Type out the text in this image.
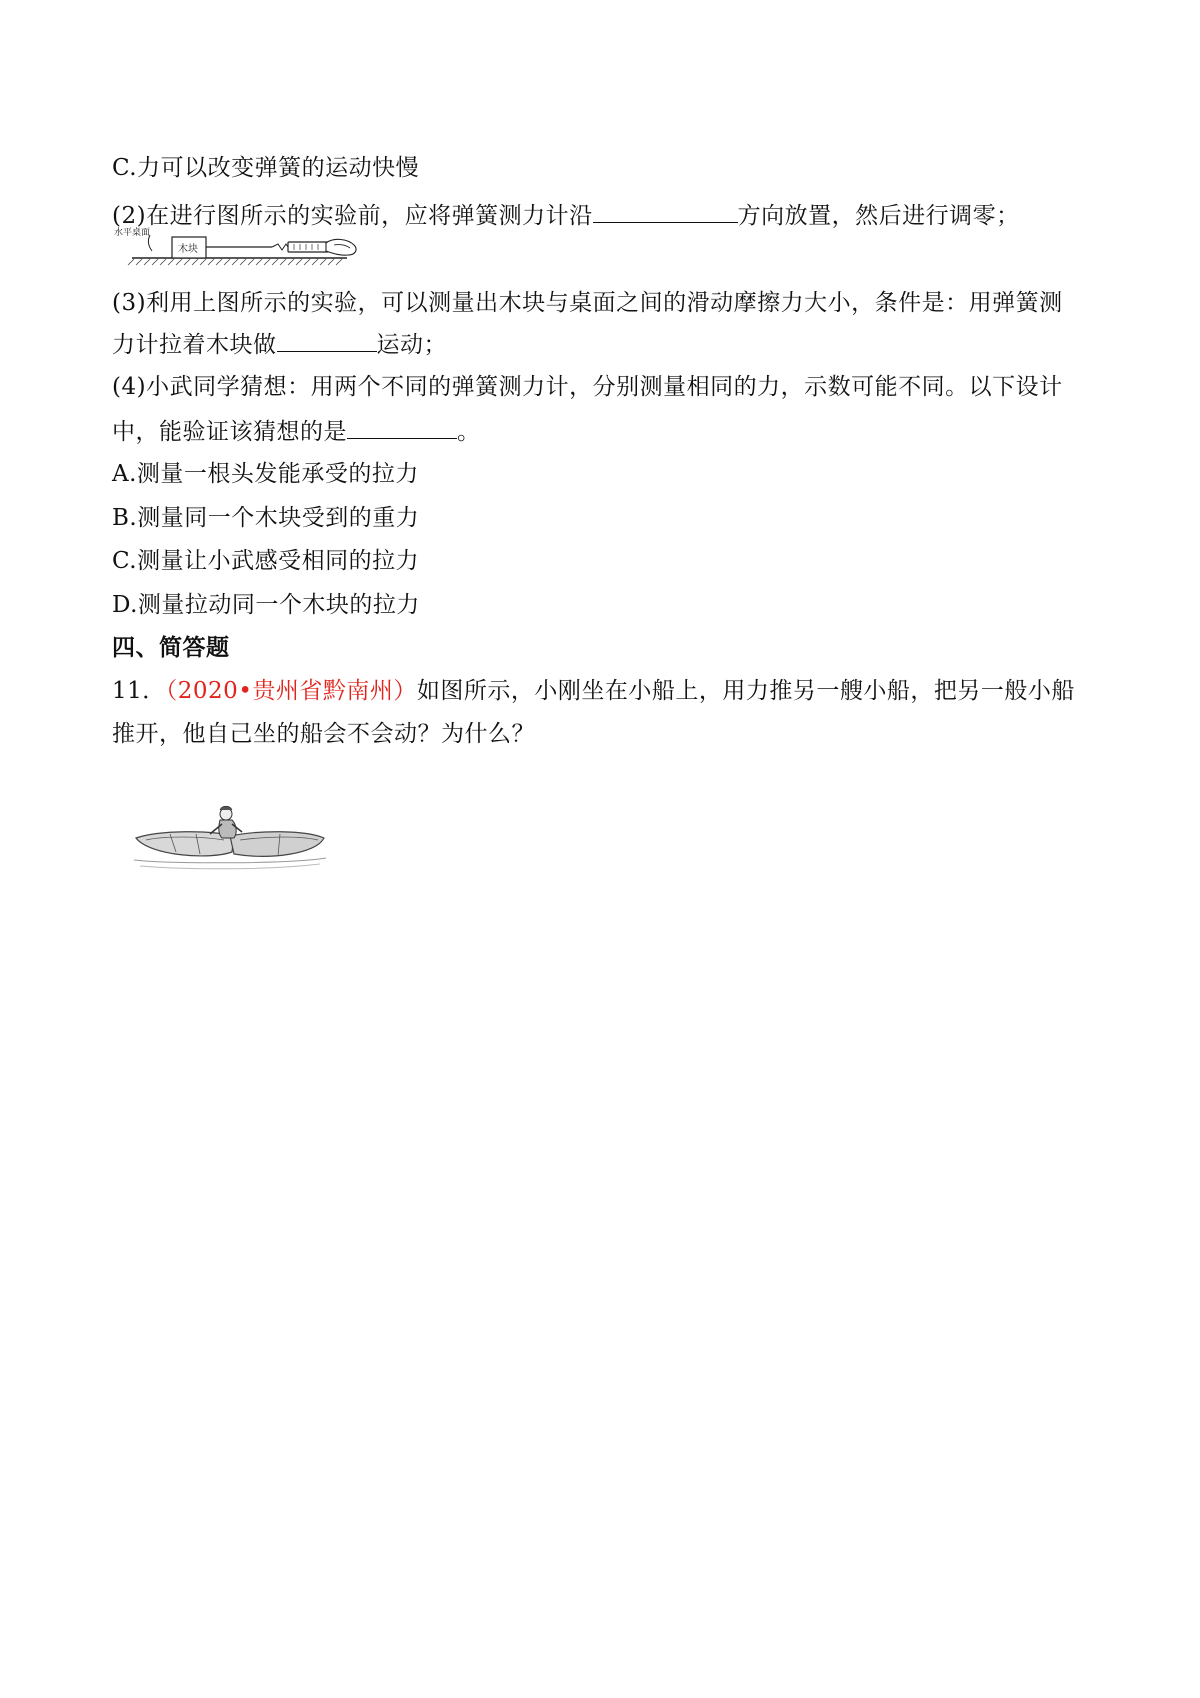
C.力可以改变弹簧的运动快慢
(2)在进行图所示的实验前，应将弹簧测力计沿	方向放置，然后进行调零；
水平桌面
木块
(3)利用上图所示的实验，可以测量出木块与桌面之间的滑动摩擦力大小，条件是：用弹簧测
力计拉着木块做	运动；
(4)小武同学猜想：用两个不同的弹簧测力计，分别测量相同的力，示数可能不同。以下设计
中，能验证该猜想的是	。
A.测量一根头发能承受的拉力
B.测量同一个木块受到的重力
C.测量让小武感受相同的拉力
D.测量拉动同一个木块的拉力
四、简答题
11．（2020•贵州省黔南州）如图所示，小刚坐在小船上，用力推另一艘小船，把另一般小船
推开，他自己坐的船会不会动？为什么？
